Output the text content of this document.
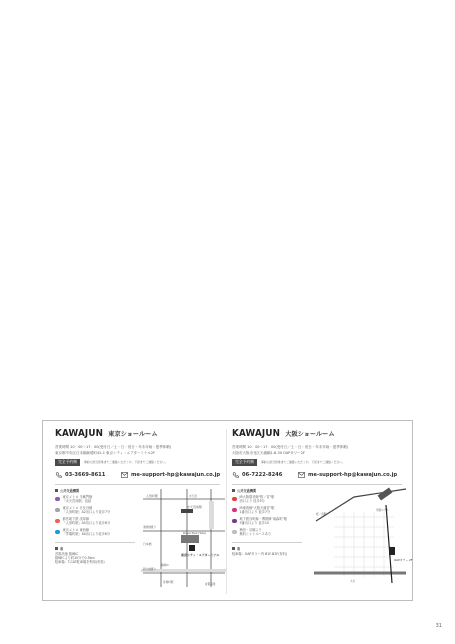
KAWAJUN 東京ショールーム
営業時間 10：00～17：00(受付日／土・日・祝日・年末年始・夏季休暇)
東京都中央区日本橋蛎殻町42-1 東京シティ・エアターミナル2F
完全予約制	事前に担当営業までご連絡いただくか、下記までご連絡ください。
03-3669-8611	me-support-hp@kawajun.co.jp
公共交通機関
東京メトロ 半蔵門線
「水天宮前駅」直結
東京メトロ 日比谷線
「人形町駅」A2出口より徒歩7分
都営地下鉄 浅草線
「人形町駅」A5出口より徒歩8分
東京メトロ 東西線
「茅場町駅」4b出口より徒歩8分
車
首都高速 箱崎IC
箱崎ICより約10分で0.5km
駐車場：T-CAT駐車場を利用(有料)
人形町駅
水天宮前駅
Royal Park Hotel
日本橋
東京シティ・エアターミナル
清洲橋通り
新大橋通り
箱崎IC
首都高速
茅場町駅
水天宮
KAWAJUN 大阪ショールーム
営業時間 10：00～17：00(受付日／土・日・祝日・年末年始・夏季休暇)
大阪市大阪市北区天満橋1-8-30 OAPタワー2F
完全予約制	事前に担当営業までご連絡いただくか、下記までご連絡ください。
06-7222-8246	me-support-hp@kawajun.co.jp
公共交通機関
JR大阪環状線"桜ノ宮"駅
西口より 徒歩5分
JR東西線"大阪天満宮"駅
1番出口より 徒歩7分
地下鉄谷町線・堺筋線"南森町"駅
3番出口より 徒歩10
梅田・京橋より
無料シャトルバスあり
車
駐車場：OAPタワー内 B1F-B2F(有料)
OAPタワー 2F
桜ノ宮駅
大川
帝国ホテル
31
